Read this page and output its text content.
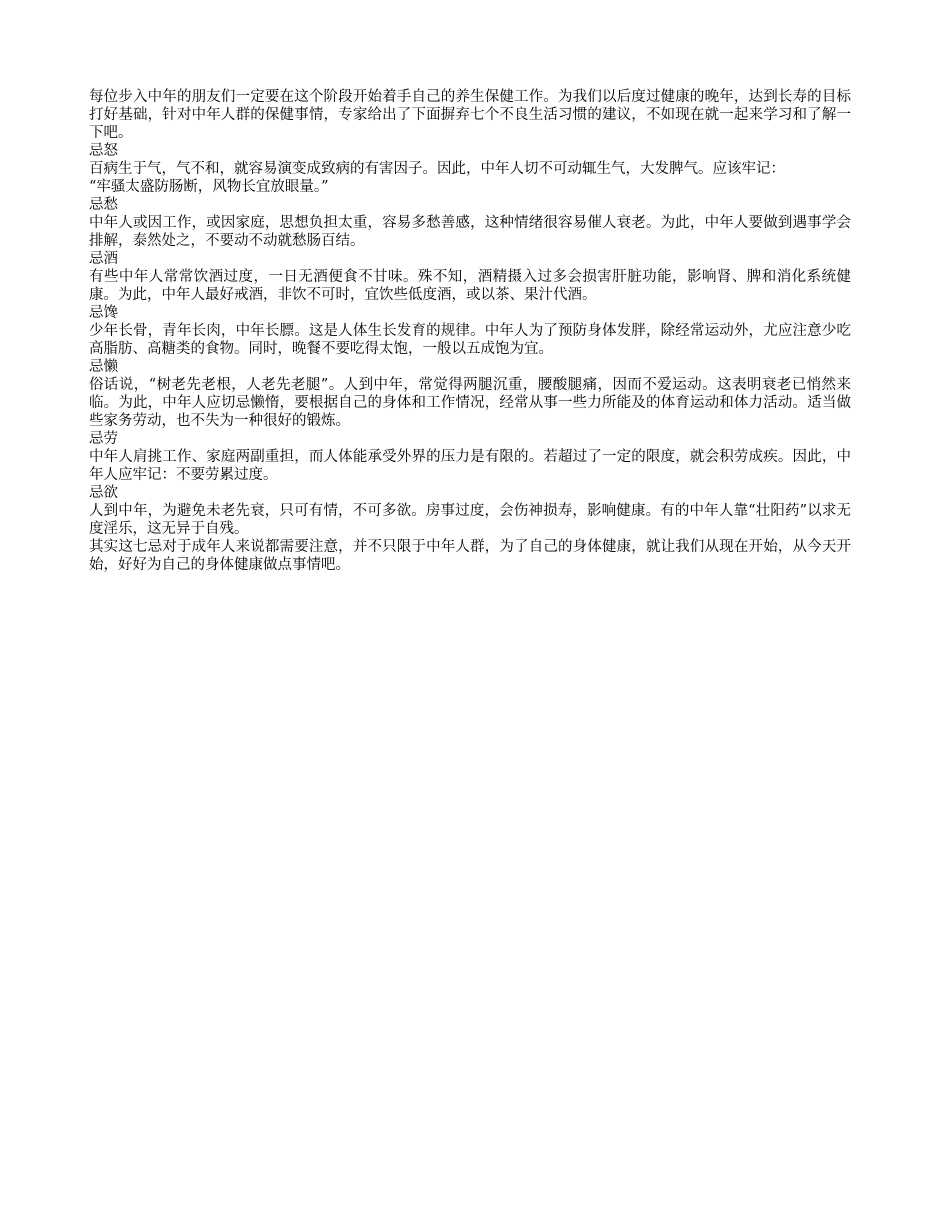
每位步入中年的朋友们一定要在这个阶段开始着手自己的养生保健工作。为我们以后度过健康的晚年，达到长寿的目标打好基础，针对中年人群的保健事情，专家给出了下面摒弃七个不良生活习惯的建议，不如现在就一起来学习和了解一下吧。

忌怒

百病生于气，气不和，就容易演变成致病的有害因子。因此，中年人切不可动辄生气，大发脾气。应该牢记：

“牢骚太盛防肠断，风物长宜放眼量。”

忌愁

中年人或因工作，或因家庭，思想负担太重，容易多愁善感，这种情绪很容易催人衰老。为此，中年人要做到遇事学会排解，泰然处之，不要动不动就愁肠百结。

忌酒

有些中年人常常饮酒过度，一日无酒便食不甘味。殊不知，酒精摄入过多会损害肝脏功能，影响肾、脾和消化系统健康。为此，中年人最好戒酒，非饮不可时，宜饮些低度酒，或以茶、果汁代酒。

忌馋

少年长骨，青年长肉，中年长膘。这是人体生长发育的规律。中年人为了预防身体发胖，除经常运动外，尤应注意少吃高脂肪、高糖类的食物。同时，晚餐不要吃得太饱，一般以五成饱为宜。

忌懒

俗话说，“树老先老根，人老先老腿”。人到中年，常觉得两腿沉重，腰酸腿痛，因而不爱运动。这表明衰老已悄然来临。为此，中年人应切忌懒惰，要根据自己的身体和工作情况，经常从事一些力所能及的体育运动和体力活动。适当做些家务劳动，也不失为一种很好的锻炼。

忌劳

中年人肩挑工作、家庭两副重担，而人体能承受外界的压力是有限的。若超过了一定的限度，就会积劳成疾。因此，中年人应牢记：不要劳累过度。

忌欲

人到中年，为避免未老先衰，只可有情，不可多欲。房事过度，会伤神损寿，影响健康。有的中年人靠“壮阳药”以求无度淫乐，这无异于自残。

其实这七忌对于成年人来说都需要注意，并不只限于中年人群，为了自己的身体健康，就让我们从现在开始，从今天开始，好好为自己的身体健康做点事情吧。
